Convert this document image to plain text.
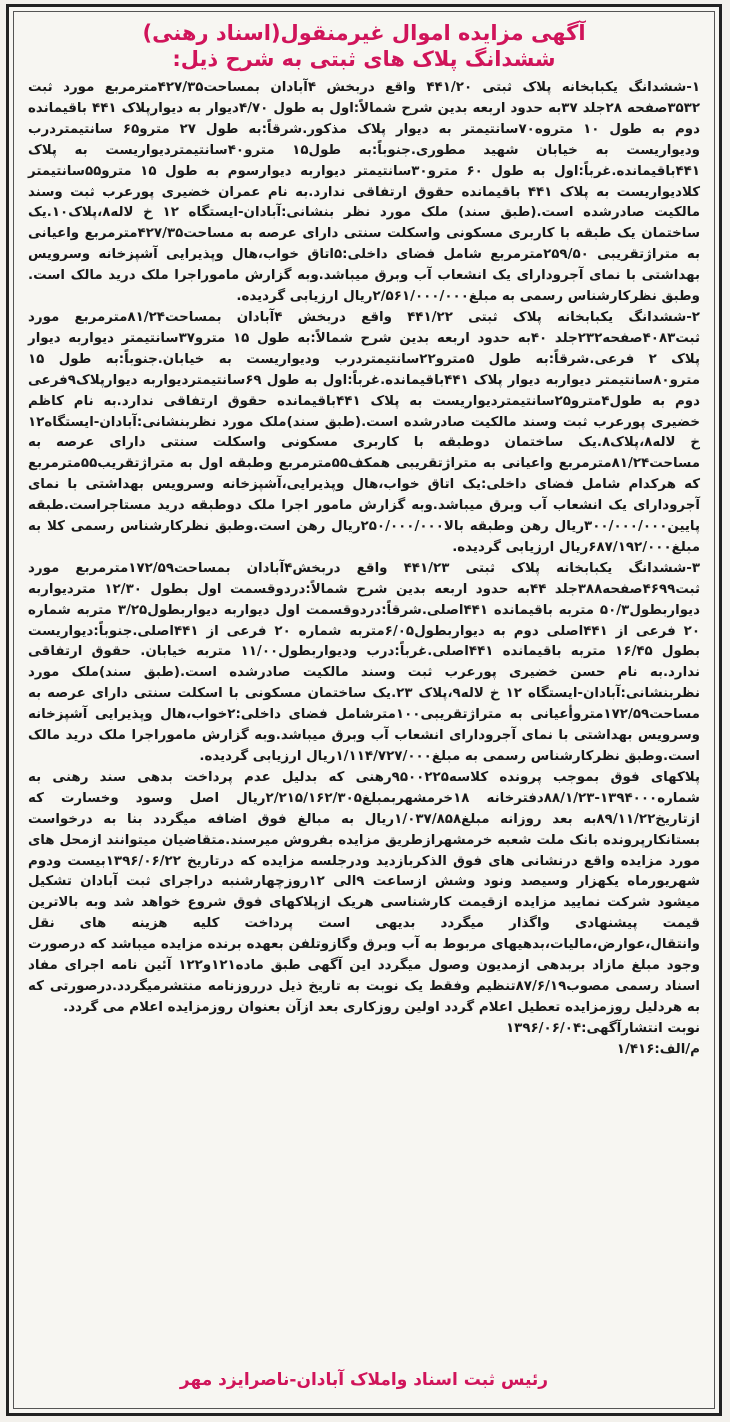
آگهی مزایده اموال غیرمنقول(اسناد رهنی)
ششدانگ پلاک های ثبتی به شرح ذیل:

۱-ششدانگ یکبابخانه پلاک ثبتی ۴۴۱/۲۰ واقع دربخش ۴آبادان بمساحت۴۲۷/۳۵مترمربع مورد ثبت ۳۵۳۲صفحه ۲۸جلد ۳۷به حدود اربعه بدین شرح شمالاً:اول به طول ۴/۷۰دیوار به دیوارپلاک ۴۴۱ باقیمانده دوم به طول ۱۰ متروه۷۰سانتیمتر به دیوار پلاک مذکور.شرقاً:به طول ۲۷ مترو۶۵ سانتیمتردرب ودیواریست به خیابان شهید مطوری.جنوباً:به طول۱۵ مترو۴۰سانتیمتردیواریست به پلاک ۴۴۱باقیمانده.غرباً:اول به طول ۶۰ مترو۳۰سانتیمتر دیواربه دیوارسوم به طول ۱۵ مترو۵۵سانتیمتر کلادیواریست به پلاک ۴۴۱ باقیمانده حقوق ارتفاقی ندارد.به نام عمران خضیری پورعرب ثبت وسند مالکیت صادرشده است.(طبق سند) ملک مورد نظر بنشانی:آبادان-ایستگاه ۱۲ خ لاله۸،پلاک۱۰.یک ساختمان یک طبقه با کاربری مسکونی واسکلت سنتی دارای عرصه به مساحت۴۲۷/۳۵مترمربع واعیانی به متراژتقریبی ۲۵۹/۵۰مترمربع شامل فضای داخلی:۵اتاق خواب،هال وپذیرایی آشپزخانه وسرویس بهداشتی با نمای آجرودارای یک انشعاب آب وبرق میباشد.وبه گزارش ماموراجرا ملک درید مالک است. وطبق نظرکارشناس رسمی به مبلغ۲/۵۶۱/۰۰۰/۰۰۰ریال ارزیابی گردیده.

۲-ششدانگ یکبابخانه پلاک ثبتی ۴۴۱/۲۲ واقع دربخش ۴آبادان بمساحت۸۱/۲۴مترمربع مورد ثبت۴۰۸۳صفحه۲۳۲جلد ۴۰به حدود اربعه بدین شرح شمالاً:به طول ۱۵ مترو۳۷سانتیمتر دیواربه دیوار پلاک ۲ فرعی.شرقاً:به طول ۵مترو۲۲سانتیمتردرب ودیواریست به خیابان.جنوباً:به طول ۱۵ مترو۸۰سانتیمتر دیواربه دیوار پلاک ۴۴۱باقیمانده.غرباً:اول به طول ۶۹سانتیمتردیواربه دیوارپلاک۹فرعی دوم به طول۴مترو۲۵سانتیمتردیواریست به پلاک ۴۴۱باقیمانده حقوق ارتفاقی ندارد.به نام کاظم خضیری پورعرب ثبت وسند مالکیت صادرشده است.(طبق سند)ملک مورد نظربنشانی:آبادان-ایستگاه۱۲ خ لاله۸،پلاک۸.یک ساختمان دوطبقه با کاربری مسکونی واسکلت سنتی دارای عرصه به مساحت۸۱/۲۴مترمربع واعیانی به متراژتقریبی همکف۵۵مترمربع وطبقه اول به متراژتقریب۵۵مترمربع که هرکدام شامل فضای داخلی:یک اتاق خواب،هال وپذیرایی،آشپزخانه وسرویس بهداشتی با نمای آجرودارای یک انشعاب آب وبرق میباشد.وبه گزارش مامور اجرا ملک دوطبقه درید مستاجراست.طبقه پایین۳۰۰/۰۰۰/۰۰۰ریال رهن وطبقه بالا۲۵۰/۰۰۰/۰۰۰ریال رهن است.وطبق نظرکارشناس رسمی کلا به مبلغ۶۸۷/۱۹۲/۰۰۰ریال ارزیابی گردیده.

۳-ششدانگ یکبابخانه پلاک ثبتی ۴۴۱/۲۳ واقع دربخش۴آبادان بمساحت۱۷۲/۵۹مترمربع مورد ثبت۴۶۹۹صفحه۳۸۸جلد ۴۴به حدود اربعه بدین شرح شمالاً:دردوقسمت اول بطول ۱۲/۳۰ متردیواربه دیواربطول۵۰/۳ متربه باقیمانده ۴۴۱اصلی.شرقاً:دردوقسمت اول دیواربه دیواربطول۳/۲۵ متربه شماره ۲۰ فرعی از ۴۴۱اصلی دوم به دیواربطول۶/۰۵متربه شماره ۲۰ فرعی از ۴۴۱اصلی.جنوباً:دیواریست بطول ۱۶/۴۵ متربه باقیمانده ۴۴۱اصلی.غرباً:درب ودیواربطول۱۱/۰۰ متربه خیابان. حقوق ارتفاقی ندارد.به نام حسن خضیری پورعرب ثبت وسند مالکیت صادرشده است.(طبق سند)ملک مورد نظربنشانی:آبادان-ایستگاه ۱۲ خ لاله۹،پلاک ۲۳.یک ساختمان مسکونی با اسکلت سنتی دارای عرصه به مساحت۱۷۲/۵۹متروأعیانی به متراژتقریبی۱۰۰مترشامل فضای داخلی:۲خواب،هال وپذیرایی آشپزخانه وسرویس بهداشتی با نمای آجرودارای انشعاب آب وبرق میباشد.وبه گزارش ماموراجرا ملک درید مالک است.وطبق نظرکارشناس رسمی به مبلغ۱/۱۱۴/۷۲۷/۰۰۰ریال ارزیابی گردیده.

پلاکهای فوق بموجب پرونده کلاسه۹۵۰۰۲۲۵رهنی که بدلیل عدم پرداخت بدهی سند رهنی به شماره۱۳۹۴۰۰۰-۸۸/۱/۲۳دفترخانه ۱۸خرمشهربمبلغ۲/۲۱۵/۱۶۲/۳۰۵ریال اصل وسود وخسارت که ازتاریخ۸۹/۱۱/۲۲به بعد روزانه مبلغ۱/۰۳۷/۸۵۸ریال به مبالغ فوق اضافه میگردد بنا به درخواست بستانکارپرونده بانک ملت شعبه خرمشهرازطریق مزایده بفروش میرسند.متقاضیان میتوانند ازمحل های مورد مزایده واقع درنشانی های فوق الذکربازدید ودرجلسه مزایده که درتاریخ ۱۳۹۶/۰۶/۲۲بیست ودوم شهریورماه یکهزار وسیصد ونود وشش ازساعت ۹الی ۱۲روزچهارشنبه دراجرای ثبت آبادان تشکیل میشود شرکت نمایید مزایده ازقیمت کارشناسی هریک ازپلاکهای فوق شروع خواهد شد وبه بالاترین قیمت پیشنهادی واگذار میگردد بدیهی است پرداخت کلیه هزینه های نقل وانتقال،عوارض،مالیات،بدهیهای مربوط به آب وبرق وگازوتلفن بعهده برنده مزایده میباشد که درصورت وجود مبلغ مازاد بربدهی ازمدیون وصول میگردد این آگهی طبق ماده۱۲۱و۱۲۲ آئین نامه اجرای مفاد اسناد رسمی مصوب۸۷/۶/۱۹تنظیم وفقط یک نوبت به تاریخ ذیل درروزنامه منتشرمیگردد.درصورتی که به هردلیل روزمزایده تعطیل اعلام گردد اولین روزکاری بعد ازآن بعنوان روزمزایده اعلام می گردد.

نوبت انتشارآگهی:۱۳۹۶/۰۶/۰۴
م/الف:۱/۴۱۶
رئیس ثبت اسناد واملاک آبادان-ناصرایزد مهر
